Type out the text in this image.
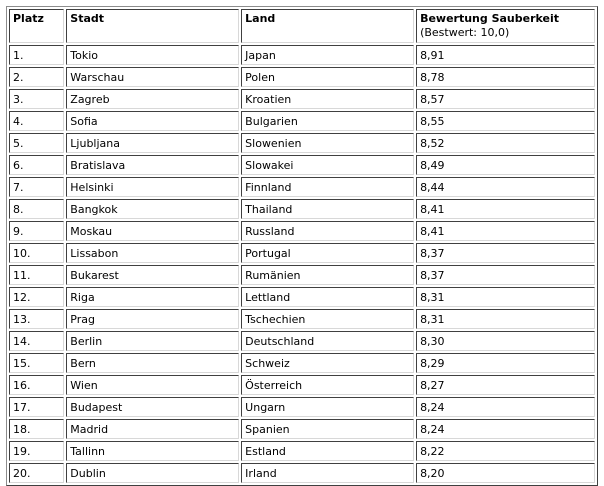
Platz	Stadt	Land	Bewertung Sauberkeit
(Bestwert: 10,0)

1.	Tokio	Japan	8,91
2.	Warschau	Polen	8,78
3.	Zagreb	Kroatien	8,57
4.	Sofia	Bulgarien	8,55
5.	Ljubljana	Slowenien	8,52
6.	Bratislava	Slowakei	8,49
7.	Helsinki	Finnland	8,44
8.	Bangkok	Thailand	8,41
9.	Moskau	Russland	8,41
10.	Lissabon	Portugal	8,37
11.	Bukarest	Rumänien	8,37
12.	Riga	Lettland	8,31
13.	Prag	Tschechien	8,31
14.	Berlin	Deutschland	8,30
15.	Bern	Schweiz	8,29
16.	Wien	Österreich	8,27
17.	Budapest	Ungarn	8,24
18.	Madrid	Spanien	8,24
19.	Tallinn	Estland	8,22
20.	Dublin	Irland	8,20
